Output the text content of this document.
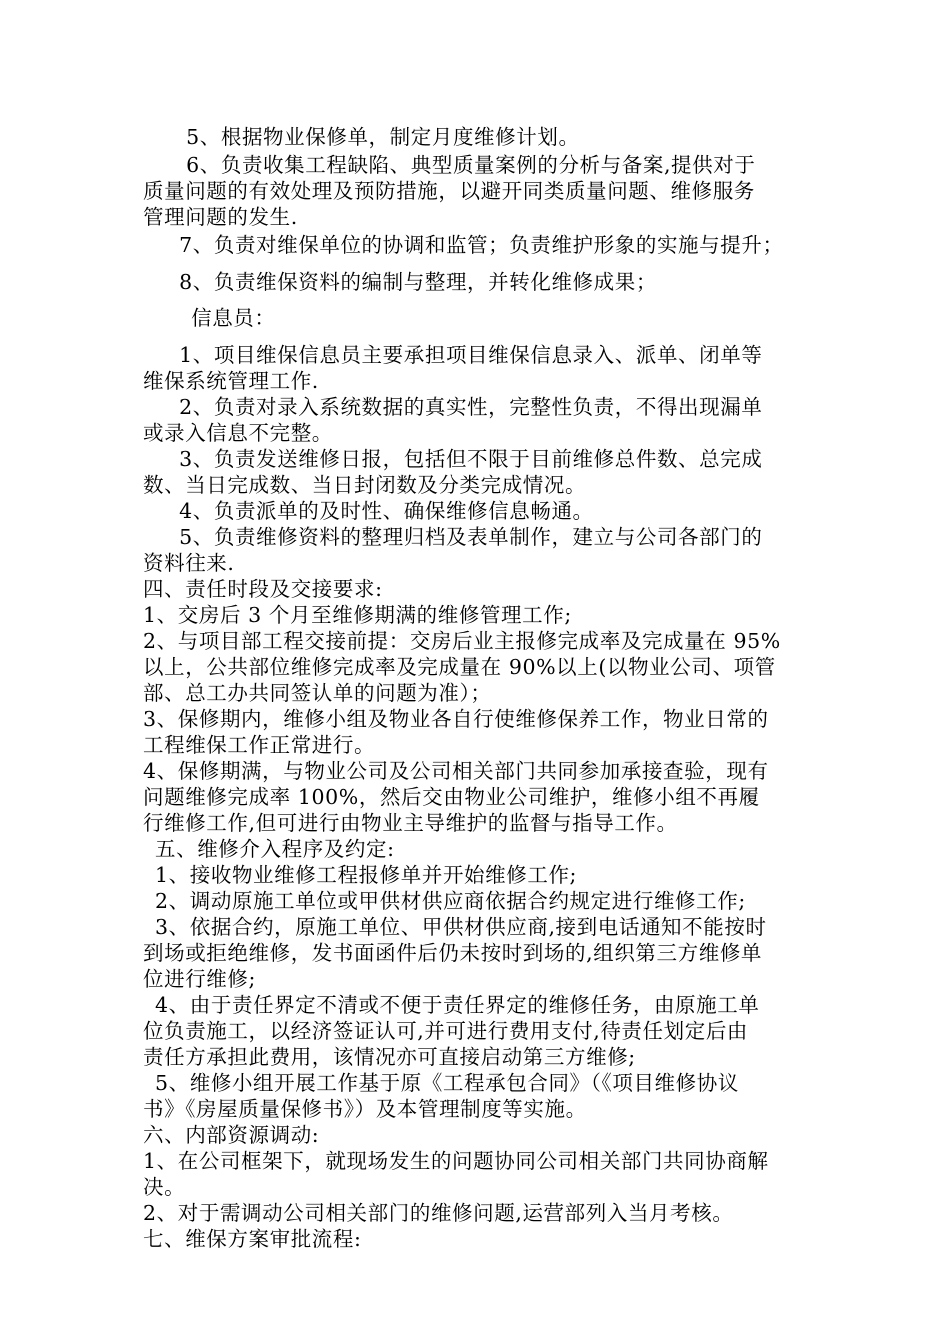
　5、根据物业保修单，制定月度维修计划。

　6、负责收集工程缺陷、典型质量案例的分析与备案,提供对于

质量问题的有效处理及预防措施，以避开同类质量问题、维修服务

管理问题的发生.

　7、负责对维保单位的协调和监管；负责维护形象的实施与提升；

　8、负责维保资料的编制与整理，并转化维修成果；

　信息员：

　1、项目维保信息员主要承担项目维保信息录入、派单、闭单等

维保系统管理工作.

　2、负责对录入系统数据的真实性，完整性负责，不得出现漏单

或录入信息不完整。

　3、负责发送维修日报，包括但不限于目前维修总件数、总完成

数、当日完成数、当日封闭数及分类完成情况。

　4、负责派单的及时性、确保维修信息畅通。

　5、负责维修资料的整理归档及表单制作，建立与公司各部门的

资料往来.

四、责任时段及交接要求:

1、交房后 3 个月至维修期满的维修管理工作;

2、与项目部工程交接前提：交房后业主报修完成率及完成量在 95%

以上，公共部位维修完成率及完成量在 90%以上(以物业公司、项管

部、总工办共同签认单的问题为准）；

3、保修期内，维修小组及物业各自行使维修保养工作，物业日常的

工程维保工作正常进行。

4、保修期满，与物业公司及公司相关部门共同参加承接查验，现有

问题维修完成率 100%，然后交由物业公司维护，维修小组不再履

行维修工作,但可进行由物业主导维护的监督与指导工作。

五、维修介入程序及约定:

1、接收物业维修工程报修单并开始维修工作;

2、调动原施工单位或甲供材供应商依据合约规定进行维修工作;

3、依据合约，原施工单位、甲供材供应商,接到电话通知不能按时

到场或拒绝维修，发书面函件后仍未按时到场的,组织第三方维修单

位进行维修;

4、由于责任界定不清或不便于责任界定的维修任务，由原施工单

位负责施工，以经济签证认可,并可进行费用支付,待责任划定后由

责任方承担此费用，该情况亦可直接启动第三方维修;

5、维修小组开展工作基于原《工程承包合同》（《项目维修协议

书》《房屋质量保修书》）及本管理制度等实施。

六、内部资源调动:

1、在公司框架下，就现场发生的问题协同公司相关部门共同协商解

决。

2、对于需调动公司相关部门的维修问题,运营部列入当月考核。

七、维保方案审批流程:
